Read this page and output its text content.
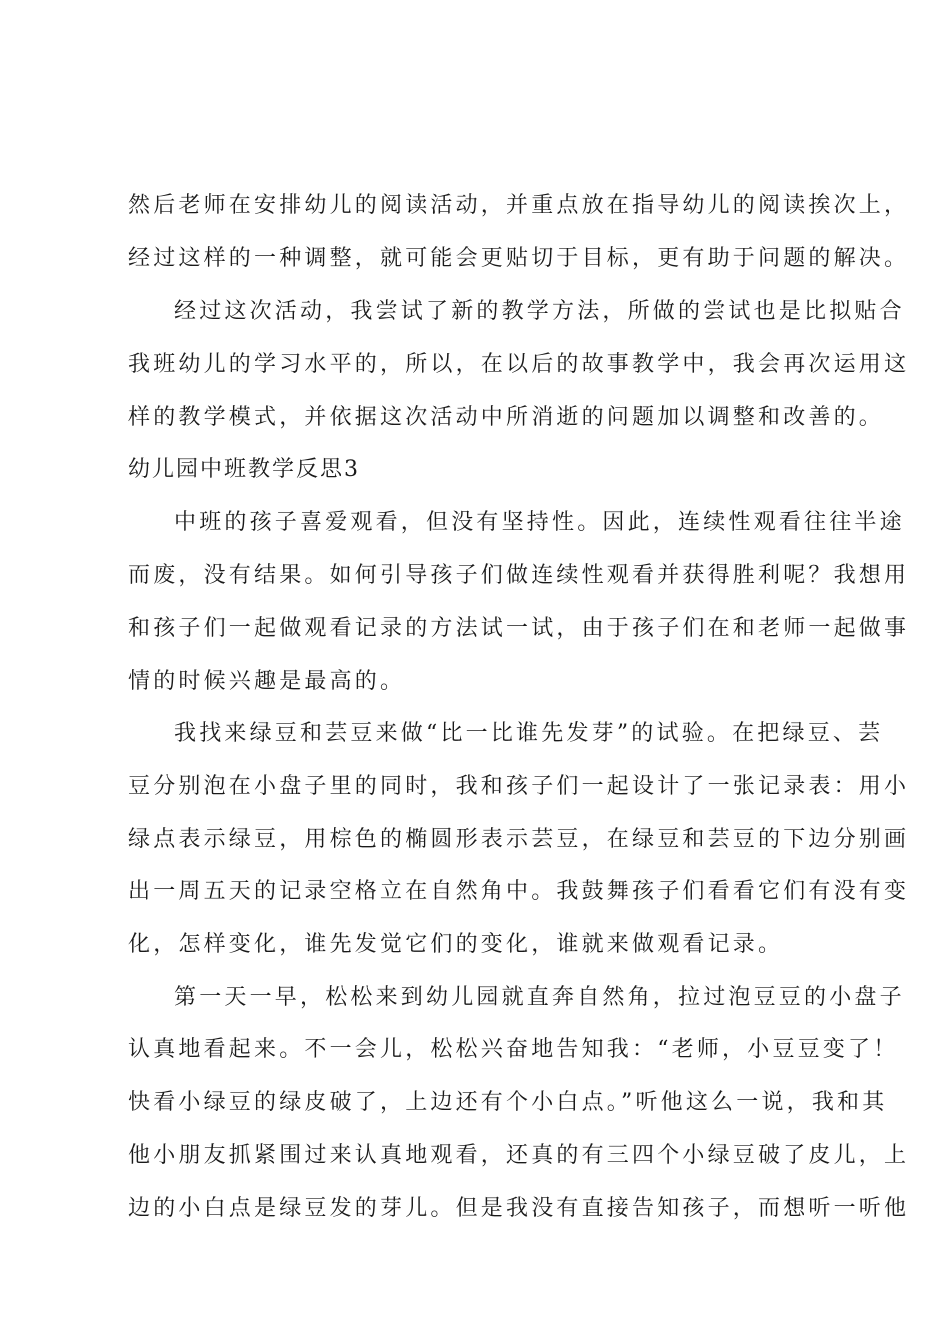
然后老师在安排幼儿的阅读活动，并重点放在指导幼儿的阅读挨次上，
经过这样的一种调整，就可能会更贴切于目标，更有助于问题的解决。
经过这次活动，我尝试了新的教学方法，所做的尝试也是比拟贴合
我班幼儿的学习水平的，所以，在以后的故事教学中，我会再次运用这
样的教学模式，并依据这次活动中所消逝的问题加以调整和改善的。
幼儿园中班教学反思3
中班的孩子喜爱观看，但没有坚持性。因此，连续性观看往往半途
而废，没有结果。如何引导孩子们做连续性观看并获得胜利呢？我想用
和孩子们一起做观看记录的方法试一试，由于孩子们在和老师一起做事
情的时候兴趣是最高的。
我找来绿豆和芸豆来做“比一比谁先发芽”的试验。在把绿豆、芸
豆分别泡在小盘子里的同时，我和孩子们一起设计了一张记录表：用小
绿点表示绿豆，用棕色的椭圆形表示芸豆，在绿豆和芸豆的下边分别画
出一周五天的记录空格立在自然角中。我鼓舞孩子们看看它们有没有变
化，怎样变化，谁先发觉它们的变化，谁就来做观看记录。
第一天一早，松松来到幼儿园就直奔自然角，拉过泡豆豆的小盘子
认真地看起来。不一会儿，松松兴奋地告知我：“老师，小豆豆变了！
快看小绿豆的绿皮破了，上边还有个小白点。”听他这么一说，我和其
他小朋友抓紧围过来认真地观看，还真的有三四个小绿豆破了皮儿，上
边的小白点是绿豆发的芽儿。但是我没有直接告知孩子，而想听一听他
